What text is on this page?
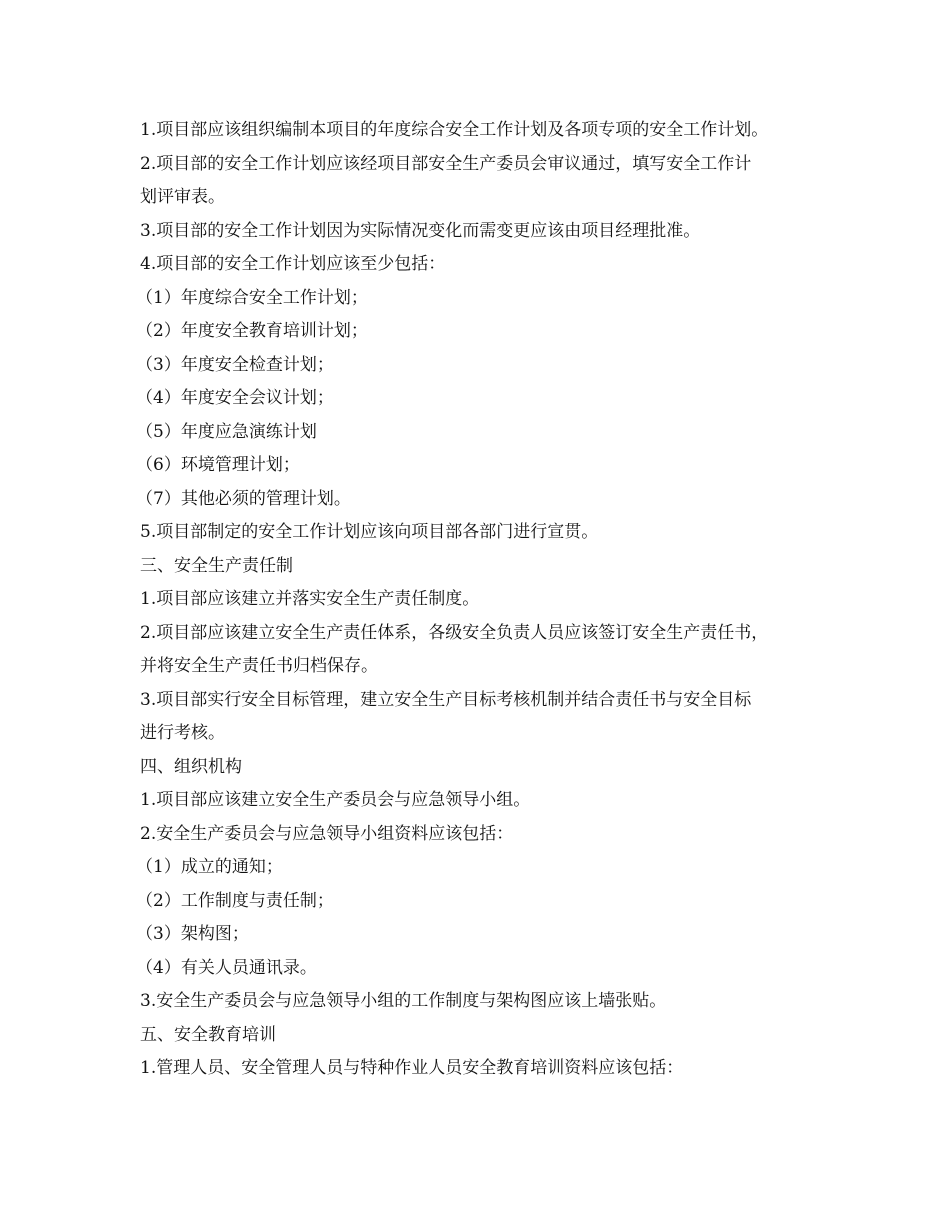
1.项目部应该组织编制本项目的年度综合安全工作计划及各项专项的安全工作计划。
2.项目部的安全工作计划应该经项目部安全生产委员会审议通过，填写安全工作计
划评审表。
3.项目部的安全工作计划因为实际情况变化而需变更应该由项目经理批准。
4.项目部的安全工作计划应该至少包括：
（1）年度综合安全工作计划；
（2）年度安全教育培训计划；
（3）年度安全检查计划；
（4）年度安全会议计划；
（5）年度应急演练计划
（6）环境管理计划；
（7）其他必须的管理计划。
5.项目部制定的安全工作计划应该向项目部各部门进行宣贯。
三、安全生产责任制
1.项目部应该建立并落实安全生产责任制度。
2.项目部应该建立安全生产责任体系，各级安全负责人员应该签订安全生产责任书，
并将安全生产责任书归档保存。
3.项目部实行安全目标管理，建立安全生产目标考核机制并结合责任书与安全目标
进行考核。
四、组织机构
1.项目部应该建立安全生产委员会与应急领导小组。
2.安全生产委员会与应急领导小组资料应该包括：
（1）成立的通知；
（2）工作制度与责任制；
（3）架构图；
（4）有关人员通讯录。
3.安全生产委员会与应急领导小组的工作制度与架构图应该上墙张贴。
五、安全教育培训
1.管理人员、安全管理人员与特种作业人员安全教育培训资料应该包括：
